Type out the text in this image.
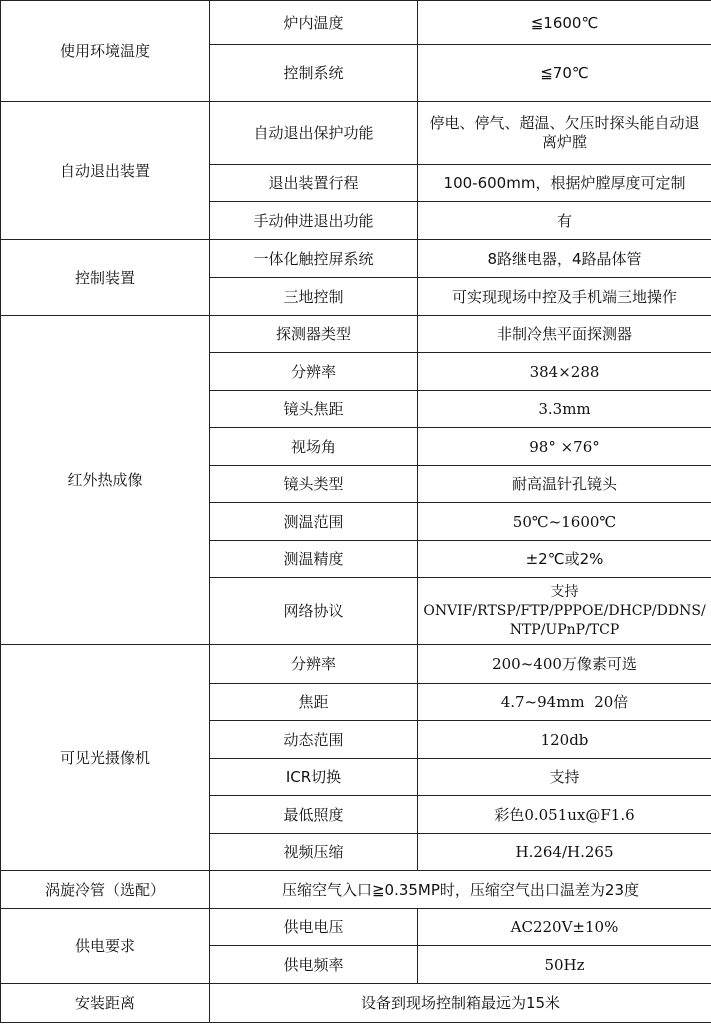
使用环境温度	炉内温度	≦1600℃
	控制系统	≦70℃
自动退出装置	自动退出保护功能	停电、停气、超温、欠压时探头能自动退离炉膛
	退出装置行程	100-600mm，根据炉膛厚度可定制
	手动伸进退出功能	有
控制装置	一体化触控屏系统	8路继电器，4路晶体管
	三地控制	可实现现场中控及手机端三地操作
红外热成像	探测器类型	非制冷焦平面探测器
	分辨率	384×288
	镜头焦距	3.3mm
	视场角	98° ×76°
	镜头类型	耐高温针孔镜头
	测温范围	50℃~1600℃
	测温精度	±2℃或2%
	网络协议	支持
ONVIF/RTSP/FTP/PPPOE/DHCP/DDNS/NTP/UPnP/TCP
可见光摄像机	分辨率	200~400万像素可选
	焦距	4.7~94mm  20倍
	动态范围	120db
	ICR切换	支持
	最低照度	彩色0.051ux@F1.6
	视频压缩	H.264/H.265
涡旋冷管（选配）	压缩空气入口≧0.35MP时，压缩空气出口温差为23度	
供电要求	供电电压	AC220V±10%
	供电频率	50Hz
安装距离	设备到现场控制箱最远为15米	
